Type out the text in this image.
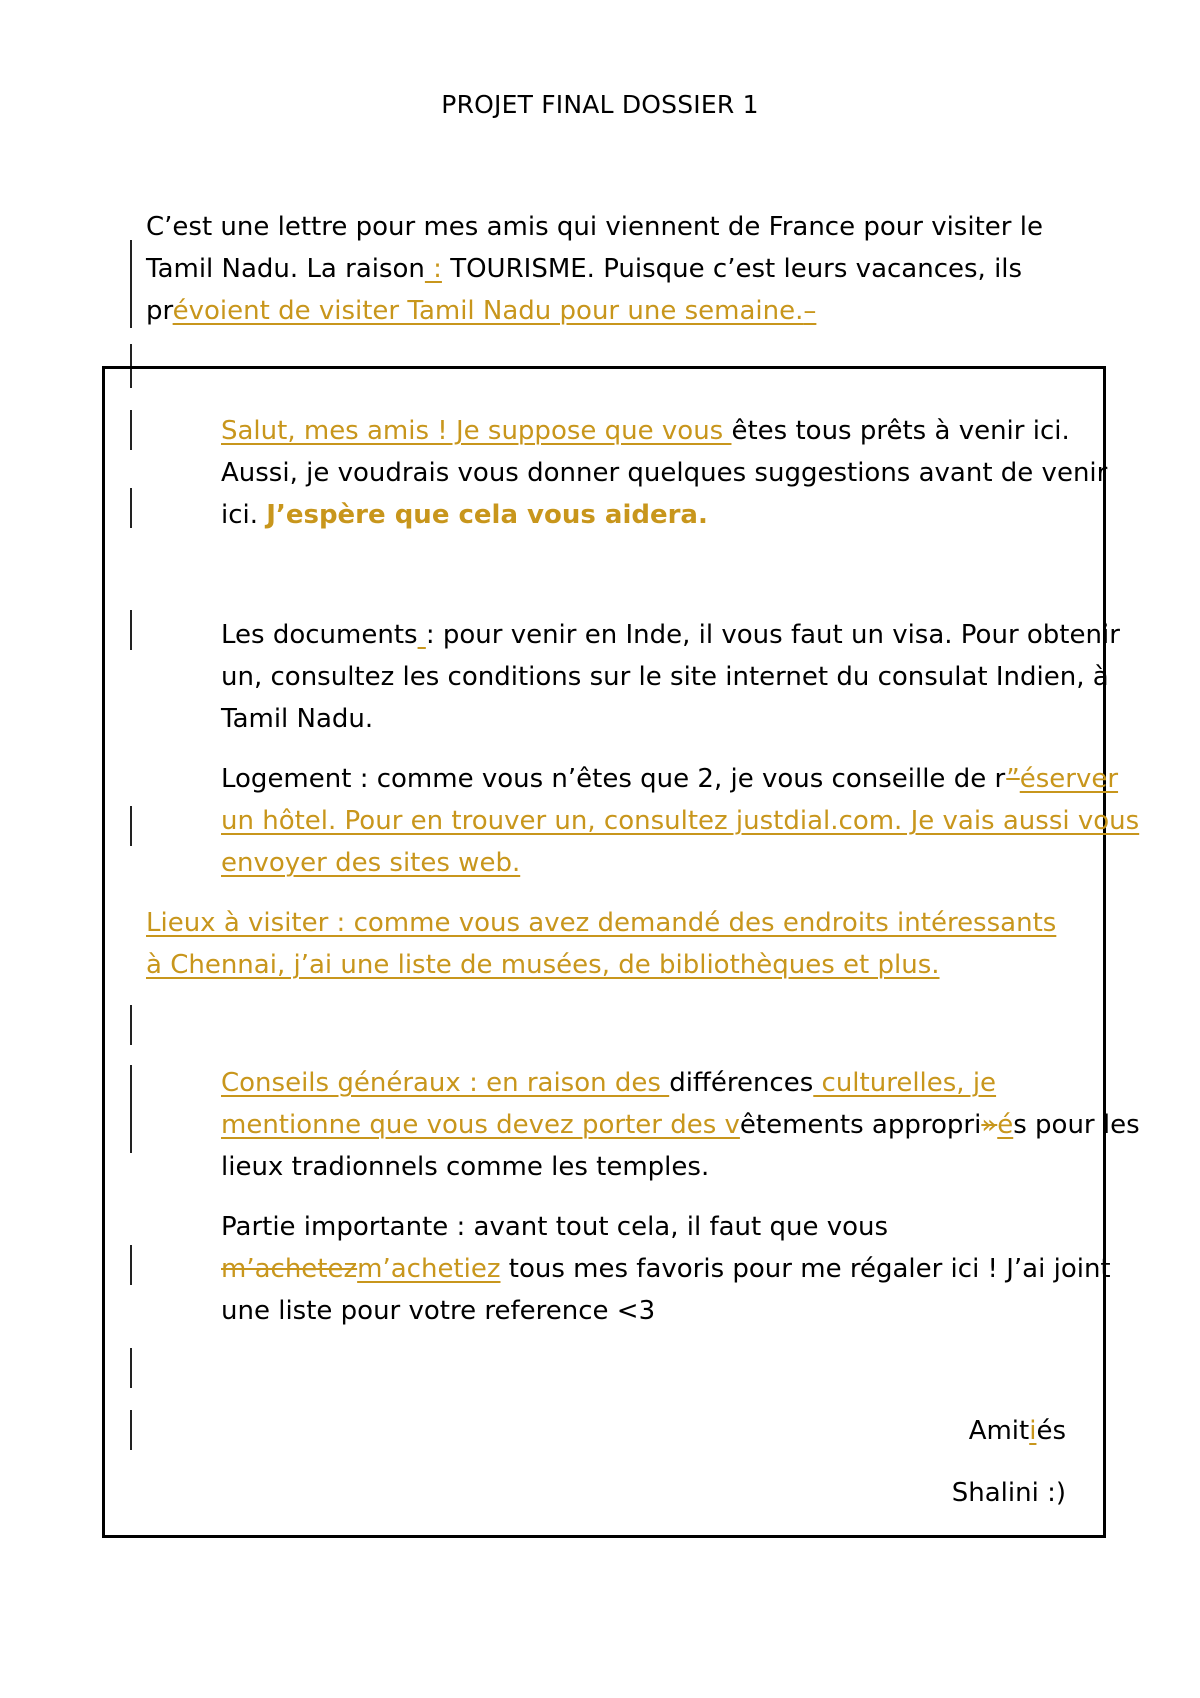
PROJET FINAL DOSSIER 1
C’est une lettre pour mes amis qui viennent de France pour visiter le Tamil Nadu. La raison : TOURISME. Puisque c’est leurs vacances, ils prévoient de visiter Tamil Nadu pour une semaine.–
Salut, mes amis ! Je suppose que vous êtes tous prêts à venir ici. Aussi, je voudrais vous donner quelques suggestions avant de venir ici. J’espère que cela vous aidera.
Les documents : pour venir en Inde, il vous faut un visa. Pour obtenir un, consultez les conditions sur le site internet du consulat Indien, à Tamil Nadu.
Logement : comme vous n’êtes que 2, je vous conseille de r”éserver un hôtel. Pour en trouver un, consultez justdial.com. Je vais aussi vous envoyer des sites web.
Lieux à visiter : comme vous avez demandé des endroits intéressants à Chennai, j’ai une liste de musées, de bibliothèques et plus.
Conseils généraux : en raison des différences culturelles, je mentionne que vous devez porter des vêtements appropri»és pour les lieux tradionnels comme les temples.
Partie importante : avant tout cela, il faut que vous m’achetezm’achetiez tous mes favoris pour me régaler ici ! J’ai joint une liste pour votre reference <3
Amitiés
Shalini :)
